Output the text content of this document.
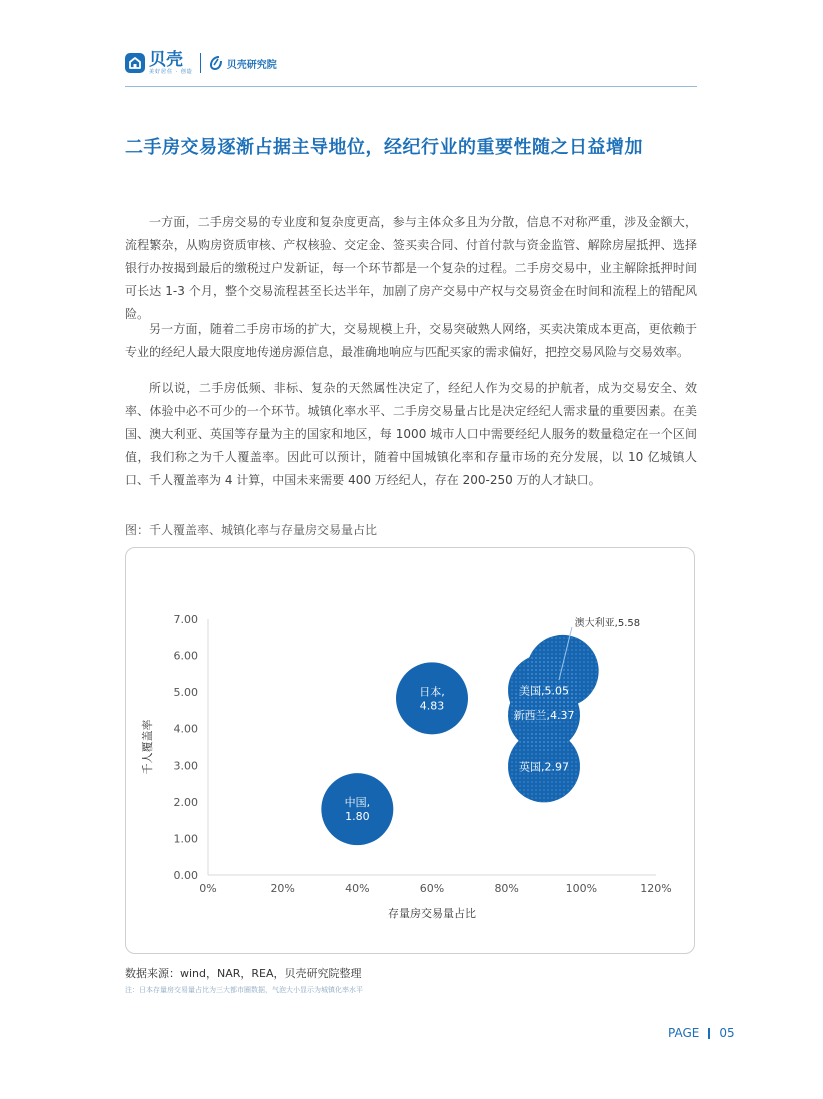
贝壳
美好居住 · 创造
贝壳研究院
二手房交易逐渐占据主导地位，经纪行业的重要性随之日益增加

一方面，二手房交易的专业度和复杂度更高，参与主体众多且为分散，信息不对称严重，涉及金额大，流程繁杂，从购房资质审核、产权核验、交定金、签买卖合同、付首付款与资金监管、解除房屋抵押、选择银行办按揭到最后的缴税过户发新证，每一个环节都是一个复杂的过程。二手房交易中，业主解除抵押时间可长达 1-3 个月，整个交易流程甚至长达半年，加剧了房产交易中产权与交易资金在时间和流程上的错配风险。

另一方面，随着二手房市场的扩大，交易规模上升，交易突破熟人网络，买卖决策成本更高，更依赖于专业的经纪人最大限度地传递房源信息，最准确地响应与匹配买家的需求偏好，把控交易风险与交易效率。

所以说，二手房低频、非标、复杂的天然属性决定了，经纪人作为交易的护航者，成为交易安全、效率、体验中必不可少的一个环节。城镇化率水平、二手房交易量占比是决定经纪人需求量的重要因素。在美国、澳大利亚、英国等存量为主的国家和地区，每 1000 城市人口中需要经纪人服务的数量稳定在一个区间值，我们称之为千人覆盖率。因此可以预计，随着中国城镇化率和存量市场的充分发展，以 10 亿城镇人口、千人覆盖率为 4 计算，中国未来需要 400 万经纪人，存在 200-250 万的人才缺口。

图：千人覆盖率、城镇化率与存量房交易量占比
0.00
1.00
2.00
3.00
4.00
5.00
6.00
7.00
0%	20%	40%	60%	80%	100%	120%
中国,
1.80
日本,
4.83
英国,2.97
新西兰,4.37
美国,5.05
澳大利亚,5.58
千人覆盖率
存量房交易量占比
数据来源：wind，NAR，REA，贝壳研究院整理
注：日本存量房交易量占比为三大都市圈数据，气泡大小显示为城镇化率水平
PAGE 05
